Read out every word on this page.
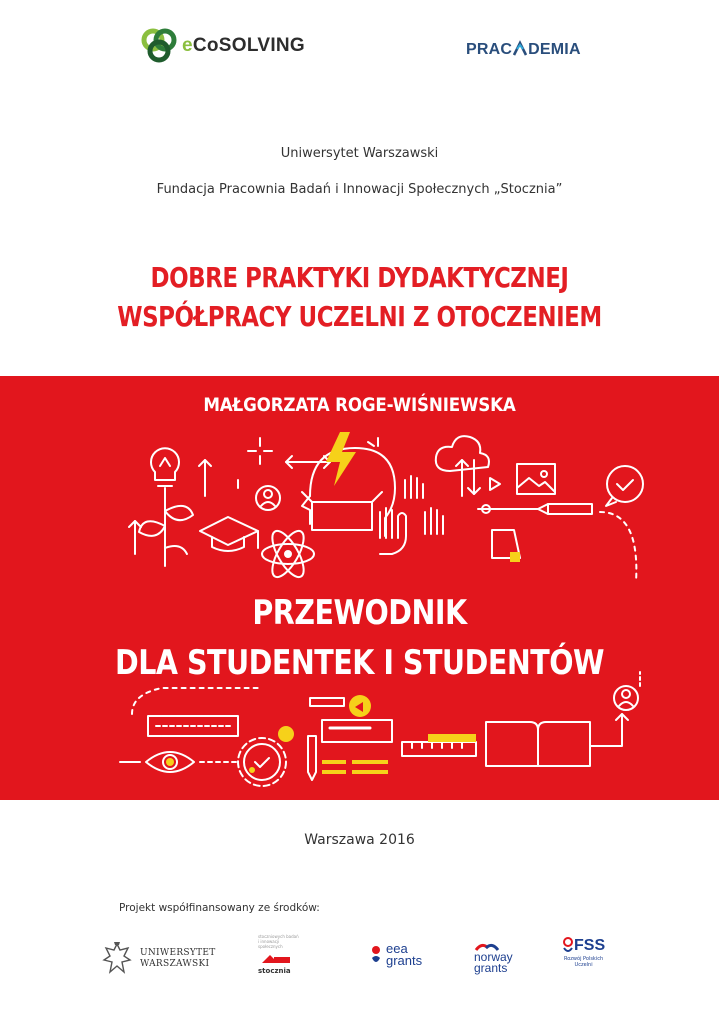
eCoSOLVING	PRAC DEMIA
Uniwersytet Warszawski
Fundacja Pracownia Badań i Innowacji Społecznych „Stocznia”
DOBRE PRAKTYKI DYDAKTYCZNEJ
WSPÓŁPRACY UCZELNI Z OTOCZENIEM
MAŁGORZATA ROGE-WIŚNIEWSKA
PRZEWODNIK
DLA STUDENTEK I STUDENTÓW
Warszawa 2016
Projekt współfinansowany ze środków:
UNIWERSYTET
WARSZAWSKI
stoczniowych badań i innowacji społecznych
stocznia
eea
grants	norway
grants
FSS
Rozwój Polskich
Uczelni
